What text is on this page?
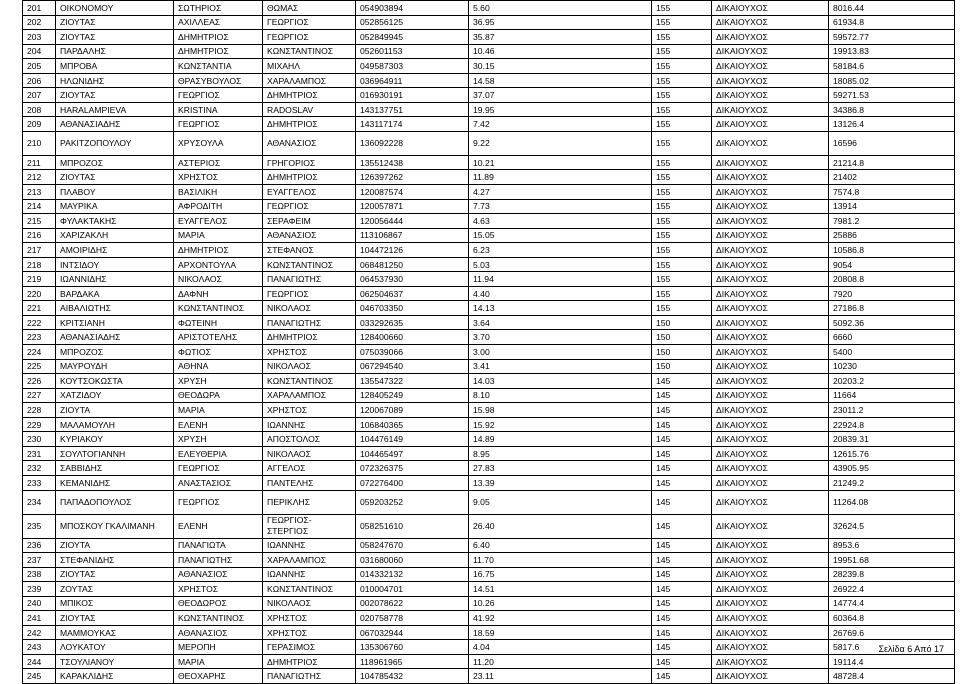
201	ΟΙΚΟΝΟΜΟΥ	ΣΩΤΗΡΙΟΣ	ΘΩΜΑΣ	054903894	5.60	155	ΔΙΚΑΙΟΥΧΟΣ	8016.44
202	ΖΙΟΥΤΑΣ	ΑΧΙΛΛΕΑΣ	ΓΕΩΡΓΙΟΣ	052856125	36.95	155	ΔΙΚΑΙΟΥΧΟΣ	61934.8
203	ΖΙΟΥΤΑΣ	ΔΗΜΗΤΡΙΟΣ	ΓΕΩΡΓΙΟΣ	052849945	35.87	155	ΔΙΚΑΙΟΥΧΟΣ	59572.77
204	ΠΑΡΔΑΛΗΣ	ΔΗΜΗΤΡΙΟΣ	ΚΩΝΣΤΑΝΤΙΝΟΣ	052601153	10.46	155	ΔΙΚΑΙΟΥΧΟΣ	19913.83
205	ΜΠΡΟΒΑ	ΚΩΝΣΤΑΝΤΙΑ	ΜΙΧΑΗΛ	049587303	30.15	155	ΔΙΚΑΙΟΥΧΟΣ	58184.6
206	ΗΛΩΝΙΔΗΣ	ΘΡΑΣΥΒΟΥΛΟΣ	ΧΑΡΑΛΑΜΠΟΣ	036964911	14.58	155	ΔΙΚΑΙΟΥΧΟΣ	18085.02
207	ΖΙΟΥΤΑΣ	ΓΕΩΡΓΙΟΣ	ΔΗΜΗΤΡΙΟΣ	016930191	37.07	155	ΔΙΚΑΙΟΥΧΟΣ	59271.53
208	HARALAMPIEVA	KRISTINA	RADOSLAV	143137751	19.95	155	ΔΙΚΑΙΟΥΧΟΣ	34386.8
209	ΑΘΑΝΑΣΙΑΔΗΣ	ΓΕΩΡΓΙΟΣ	ΔΗΜΗΤΡΙΟΣ	143117174	7.42	155	ΔΙΚΑΙΟΥΧΟΣ	13126.4
210	ΡΑΚΙΤΖΟΠΟΥΛΟΥ	ΧΡΥΣΟΥΛΑ	ΑΘΑΝΑΣΙΟΣ	136092228	9.22	155	ΔΙΚΑΙΟΥΧΟΣ	16596
211	ΜΠΡΟΖΟΣ	ΑΣΤΕΡΙΟΣ	ΓΡΗΓΟΡΙΟΣ	135512438	10.21	155	ΔΙΚΑΙΟΥΧΟΣ	21214.8
212	ΖΙΟΥΤΑΣ	ΧΡΗΣΤΟΣ	ΔΗΜΗΤΡΙΟΣ	126397262	11.89	155	ΔΙΚΑΙΟΥΧΟΣ	21402
213	ΠΛΑΒΟΥ	ΒΑΣΙΛΙΚΗ	ΕΥΑΓΓΕΛΟΣ	120087574	4.27	155	ΔΙΚΑΙΟΥΧΟΣ	7574.8
214	ΜΑΥΡΙΚΑ	ΑΦΡΟΔΙΤΗ	ΓΕΩΡΓΙΟΣ	120057871	7.73	155	ΔΙΚΑΙΟΥΧΟΣ	13914
215	ΦΥΛΑΚΤΑΚΗΣ	ΕΥΑΓΓΕΛΟΣ	ΣΕΡΑΦΕΙΜ	120056444	4.63	155	ΔΙΚΑΙΟΥΧΟΣ	7981.2
216	ΧΑΡΙΖΑΚΛΗ	ΜΑΡΙΑ	ΑΘΑΝΑΣΙΟΣ	113106867	15.05	155	ΔΙΚΑΙΟΥΧΟΣ	25886
217	ΑΜΟΙΡΙΔΗΣ	ΔΗΜΗΤΡΙΟΣ	ΣΤΕΦΑΝΟΣ	104472126	6.23	155	ΔΙΚΑΙΟΥΧΟΣ	10586.8
218	ΙΝΤΣΙΔΟΥ	ΑΡΧΟΝΤΟΥΛΑ	ΚΩΝΣΤΑΝΤΙΝΟΣ	068481250	5.03	155	ΔΙΚΑΙΟΥΧΟΣ	9054
219	ΙΩΑΝΝΙΔΗΣ	ΝΙΚΟΛΑΟΣ	ΠΑΝΑΓΙΩΤΗΣ	064537930	11.94	155	ΔΙΚΑΙΟΥΧΟΣ	20808.8
220	ΒΑΡΔΑΚΑ	ΔΑΦΝΗ	ΓΕΩΡΓΙΟΣ	062504637	4.40	155	ΔΙΚΑΙΟΥΧΟΣ	7920
221	ΑΙΒΑΛΙΩΤΗΣ	ΚΩΝΣΤΑΝΤΙΝΟΣ	ΝΙΚΟΛΑΟΣ	046703350	14.13	155	ΔΙΚΑΙΟΥΧΟΣ	27186.8
222	ΚΡΙΤΣΙΑΝΗ	ΦΩΤΕΙΝΗ	ΠΑΝΑΓΙΩΤΗΣ	033292635	3.64	150	ΔΙΚΑΙΟΥΧΟΣ	5092.36
223	ΑΘΑΝΑΣΙΑΔΗΣ	ΑΡΙΣΤΟΤΕΛΗΣ	ΔΗΜΗΤΡΙΟΣ	128400660	3.70	150	ΔΙΚΑΙΟΥΧΟΣ	6660
224	ΜΠΡΟΖΟΣ	ΦΩΤΙΟΣ	ΧΡΗΣΤΟΣ	075039066	3.00	150	ΔΙΚΑΙΟΥΧΟΣ	5400
225	ΜΑΥΡΟΥΔΗ	ΑΘΗΝΑ	ΝΙΚΟΛΑΟΣ	067294540	3.41	150	ΔΙΚΑΙΟΥΧΟΣ	10230
226	ΚΟΥΤΣΟΚΩΣΤΑ	ΧΡΥΣΗ	ΚΩΝΣΤΑΝΤΙΝΟΣ	135547322	14.03	145	ΔΙΚΑΙΟΥΧΟΣ	20203.2
227	ΧΑΤΖΙΔΟΥ	ΘΕΟΔΩΡΑ	ΧΑΡΑΛΑΜΠΟΣ	128405249	8.10	145	ΔΙΚΑΙΟΥΧΟΣ	11664
228	ΖΙΟΥΤΑ	ΜΑΡΙΑ	ΧΡΗΣΤΟΣ	120067089	15.98	145	ΔΙΚΑΙΟΥΧΟΣ	23011.2
229	ΜΑΛΑΜΟΥΛΗ	ΕΛΕΝΗ	ΙΩΑΝΝΗΣ	106840365	15.92	145	ΔΙΚΑΙΟΥΧΟΣ	22924.8
230	ΚΥΡΙΑΚΟΥ	ΧΡΥΣΗ	ΑΠΟΣΤΟΛΟΣ	104476149	14.89	145	ΔΙΚΑΙΟΥΧΟΣ	20839.31
231	ΣΟΥΛΤΟΓΙΑΝΝΗ	ΕΛΕΥΘΕΡΙΑ	ΝΙΚΟΛΑΟΣ	104465497	8.95	145	ΔΙΚΑΙΟΥΧΟΣ	12615.76
232	ΣΑΒΒΙΔΗΣ	ΓΕΩΡΓΙΟΣ	ΑΓΓΕΛΟΣ	072326375	27.83	145	ΔΙΚΑΙΟΥΧΟΣ	43905.95
233	ΚΕΜΑΝΙΔΗΣ	ΑΝΑΣΤΑΣΙΟΣ	ΠΑΝΤΕΛΗΣ	072276400	13.39	145	ΔΙΚΑΙΟΥΧΟΣ	21249.2
234	ΠΑΠΑΔΟΠΟΥΛΟΣ	ΓΕΩΡΓΙΟΣ	ΠΕΡΙΚΛΗΣ	059203252	9.05	145	ΔΙΚΑΙΟΥΧΟΣ	11264.08
235	ΜΠΟΣΚΟΥ ΓΚΑΛΙΜΑΝΗ	ΕΛΕΝΗ	ΓΕΩΡΓΙΟΣ-ΣΤΕΡΓΙΟΣ	058251610	26.40	145	ΔΙΚΑΙΟΥΧΟΣ	32624.5
236	ΖΙΟΥΤΑ	ΠΑΝΑΓΙΩΤΑ	ΙΩΑΝΝΗΣ	058247670	6.40	145	ΔΙΚΑΙΟΥΧΟΣ	8953.6
237	ΣΤΕΦΑΝΙΔΗΣ	ΠΑΝΑΓΙΩΤΗΣ	ΧΑΡΑΛΑΜΠΟΣ	031680060	11.70	145	ΔΙΚΑΙΟΥΧΟΣ	19951.68
238	ΖΙΟΥΤΑΣ	ΑΘΑΝΑΣΙΟΣ	ΙΩΑΝΝΗΣ	014332132	16.75	145	ΔΙΚΑΙΟΥΧΟΣ	28239.8
239	ΖΟΥΤΑΣ	ΧΡΗΣΤΟΣ	ΚΩΝΣΤΑΝΤΙΝΟΣ	010004701	14.51	145	ΔΙΚΑΙΟΥΧΟΣ	26922.4
240	ΜΠΙΚΟΣ	ΘΕΟΔΩΡΟΣ	ΝΙΚΟΛΑΟΣ	002078622	10.26	145	ΔΙΚΑΙΟΥΧΟΣ	14774.4
241	ΖΙΟΥΤΑΣ	ΚΩΝΣΤΑΝΤΙΝΟΣ	ΧΡΗΣΤΟΣ	020758778	41.92	145	ΔΙΚΑΙΟΥΧΟΣ	60364.8
242	ΜΑΜΜΟΥΚΑΣ	ΑΘΑΝΑΣΙΟΣ	ΧΡΗΣΤΟΣ	067032944	18.59	145	ΔΙΚΑΙΟΥΧΟΣ	26769.6
243	ΛΟΥΚΑΤΟΥ	ΜΕΡΟΠΗ	ΓΕΡΑΣΙΜΟΣ	135306760	4.04	145	ΔΙΚΑΙΟΥΧΟΣ	5817.6
244	ΤΣΟΥΛΙΑΝΟΥ	ΜΑΡΙΑ	ΔΗΜΗΤΡΙΟΣ	118961965	11.20	145	ΔΙΚΑΙΟΥΧΟΣ	19114.4
245	ΚΑΡΑΚΛΙΔΗΣ	ΘΕΟΧΑΡΗΣ	ΠΑΝΑΓΙΩΤΗΣ	104785432	23.11	145	ΔΙΚΑΙΟΥΧΟΣ	48728.4
Σελίδα 6 Από 17
